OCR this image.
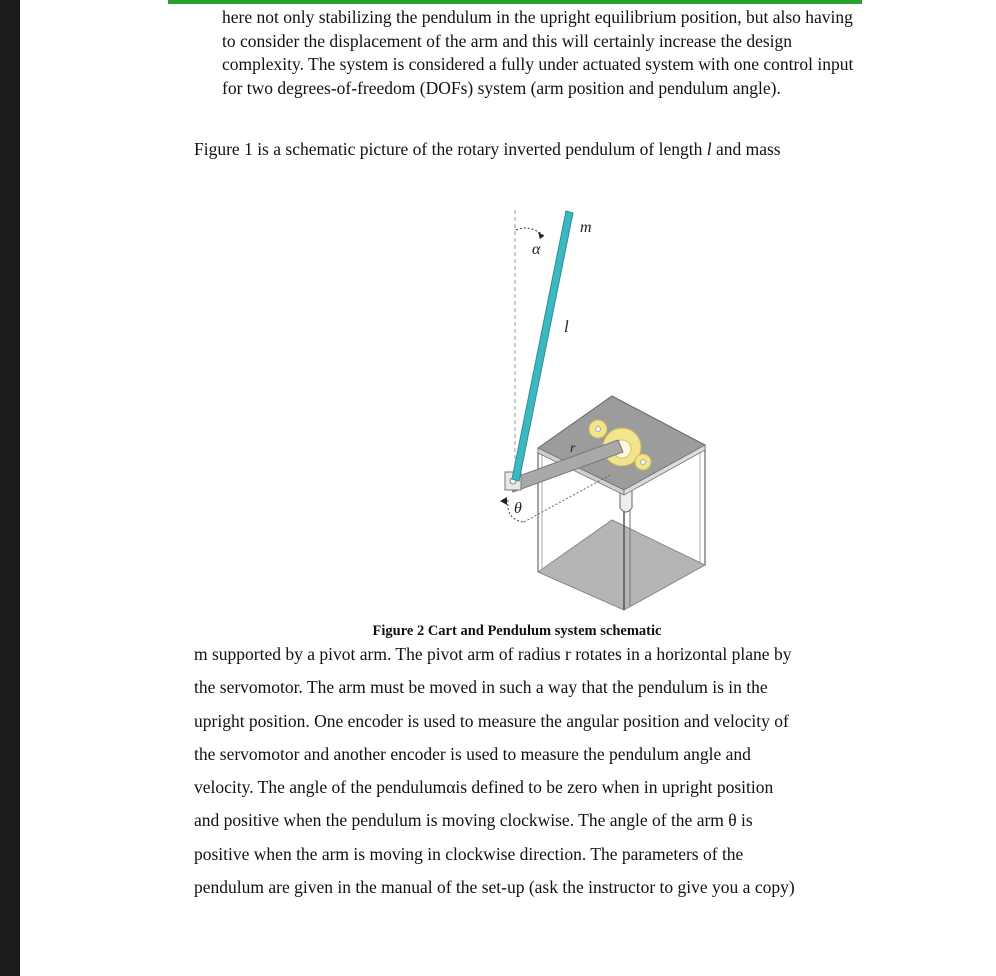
here not only stabilizing the pendulum in the upright equilibrium position, but also having to consider the displacement of the arm and this will certainly increase the design complexity. The system is considered a fully under actuated system with one control input for two degrees-of-freedom (DOFs) system (arm position and pendulum angle).

Figure 1 is a schematic picture of the rotary inverted pendulum of length l and mass

m
α
l
r
θ

Figure 2 Cart and Pendulum system schematic

m supported by a pivot arm. The pivot arm of radius r rotates in a horizontal plane by
the servomotor. The arm must be moved in such a way that the pendulum is in the
upright position. One encoder is used to measure the angular position and velocity of
the servomotor and another encoder is used to measure the pendulum angle and
velocity. The angle of the pendulumαis defined to be zero when in upright position
and positive when the pendulum is moving clockwise. The angle of the arm θ is
positive when the arm is moving in clockwise direction. The parameters of the
pendulum are given in the manual of the set-up (ask the instructor to give you a copy)
